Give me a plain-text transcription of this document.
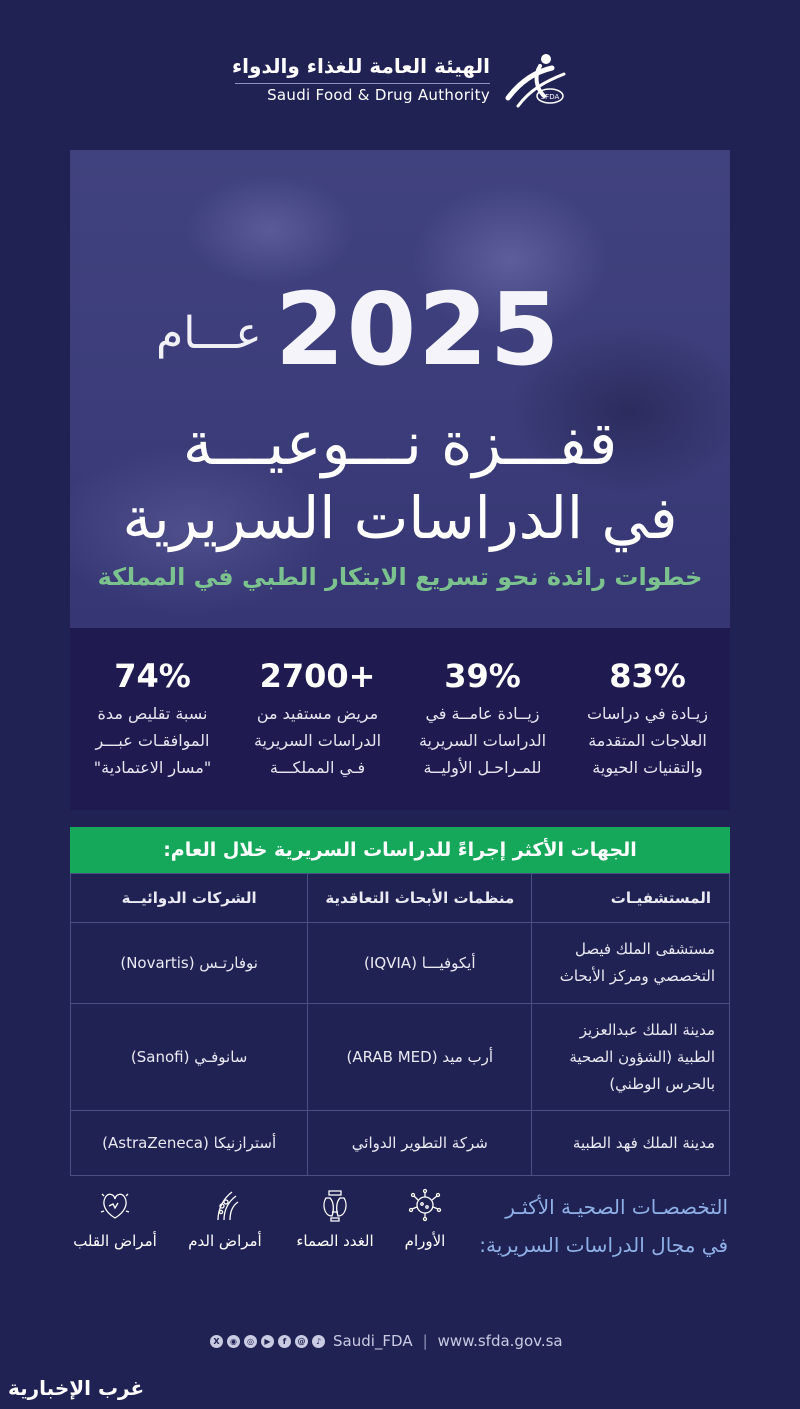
الهيئة العامة للغذاء والدواء
Saudi Food & Drug Authority	SFDA
عـــام 2025
قفـــزة نـــوعيـــة
في الدراسات السريرية
خطوات رائدة نحو تسريع الابتكار الطبي في المملكة
83%
زيـادة في دراسات
العلاجات المتقدمة
والتقنيات الحيوية
39%
زيــادة عامــة في
الدراسات السريرية
للمـراحـل الأوليــة
2700+
مريض مستفيد من
الدراسات السريرية
فـي المملكـــة
74%
نسبة تقليص مدة
الموافقـات عبـــر
"مسار الاعتمادية"
الجهات الأكثر إجراءً للدراسات السريرية خلال العام:
المستشفيـات	منظمات الأبحاث التعاقدية	الشركات الدوائيــة
مستشفى الملك فيصل التخصصي ومركز الأبحاث	أيكوفيـــا (IQVIA)	نوفارتـس (Novartis)
مدينة الملك عبدالعزيز الطبية (الشؤون الصحية بالحرس الوطني)	أرب ميد (ARAB MED)	سانوفـي (Sanofi)
مدينة الملك فهد الطبية	شركة التطوير الدوائي	أسترازنيكا (AstraZeneca)
التخصصـات الصحيـة الأكثـر
في مجال الدراسات السريرية:
الأورام
الغدد الصماء
أمراض الدم
أمراض القلب
X	◉	◎	▶	f	@	♪ Saudi_FDA | www.sfda.gov.sa
غرب الإخبارية
